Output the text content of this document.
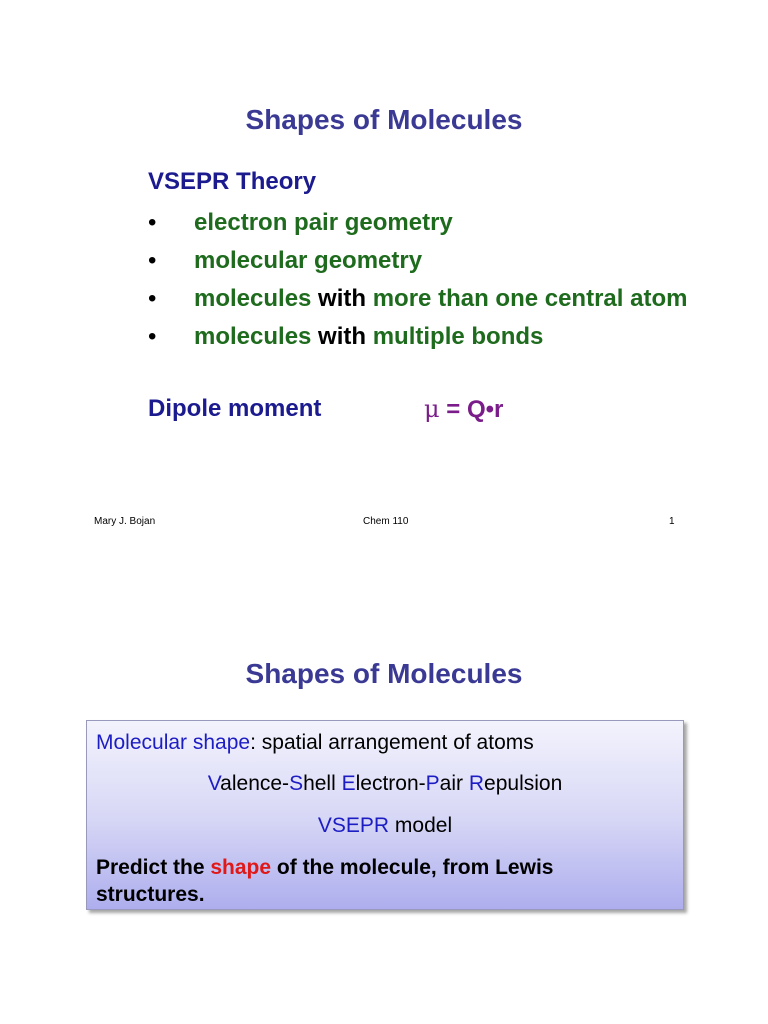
Shapes of Molecules
VSEPR Theory
• electron pair geometry
• molecular geometry
• molecules with more than one central atom
• molecules with multiple bonds
Dipole moment	μ = Q•r
Mary J. Bojan	Chem 110	1
Shapes of Molecules
Molecular shape: spatial arrangement of atoms
Valence-Shell Electron-Pair Repulsion
VSEPR model
Predict the shape of the molecule, from Lewis structures.
